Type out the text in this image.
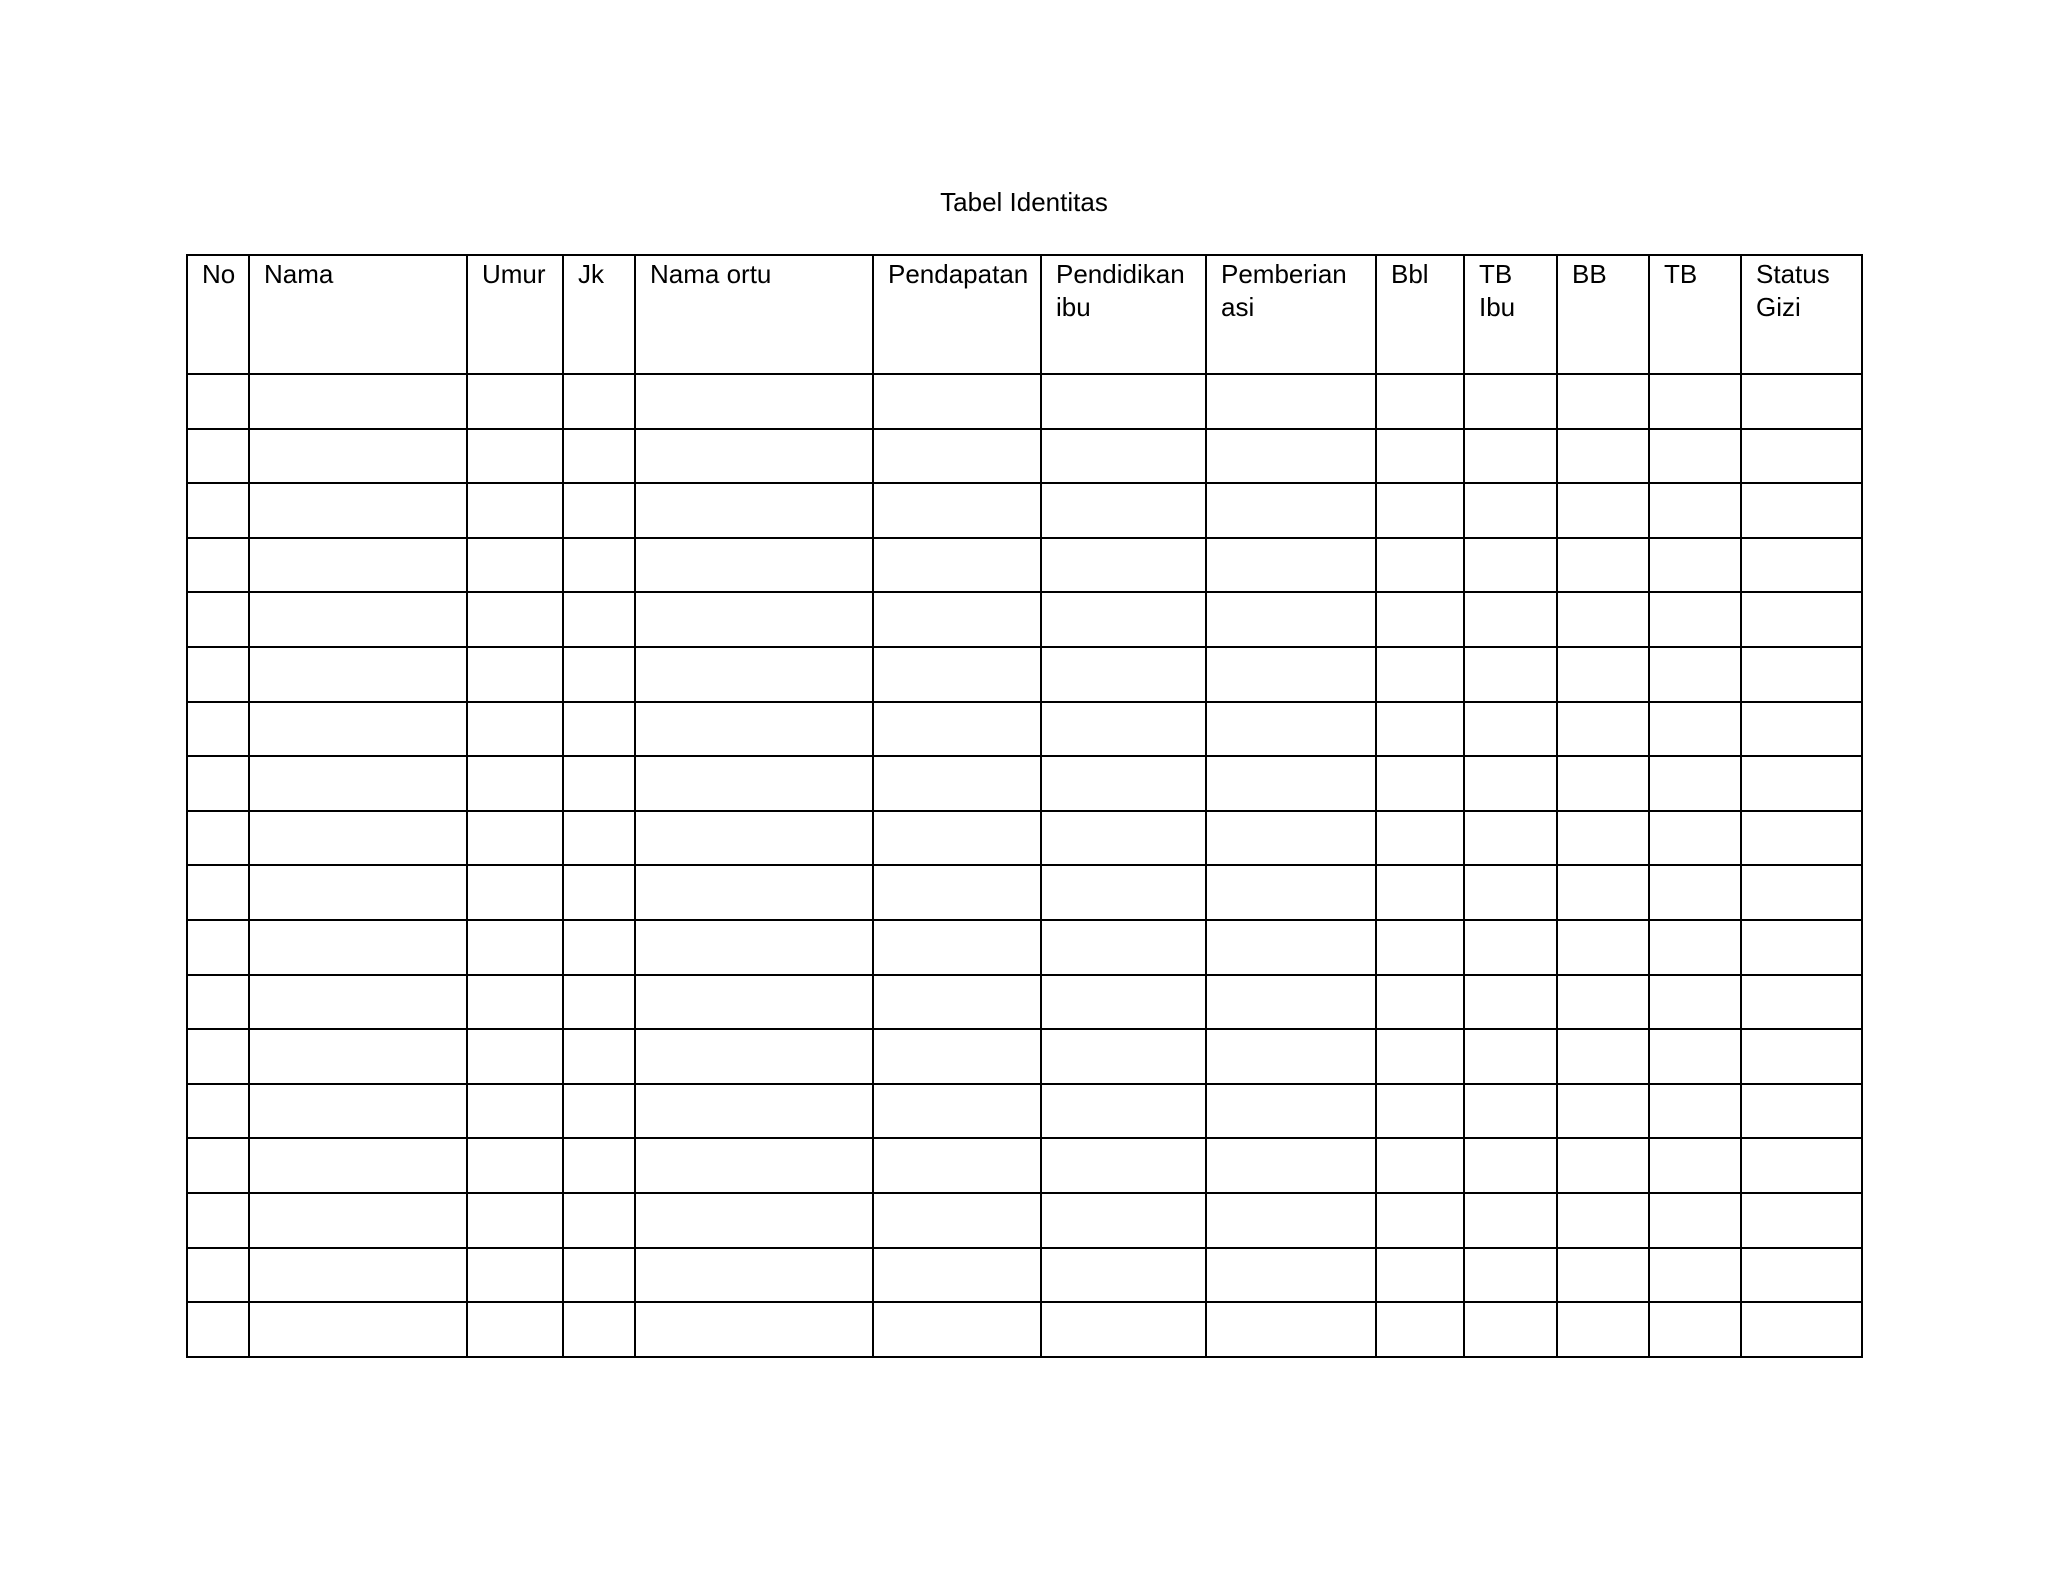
Tabel Identitas
No	Nama	Umur	Jk	Nama ortu	Pendapatan	Pendidikan ibu	Pemberian asi	Bbl	TB Ibu	BB	TB	Status Gizi
